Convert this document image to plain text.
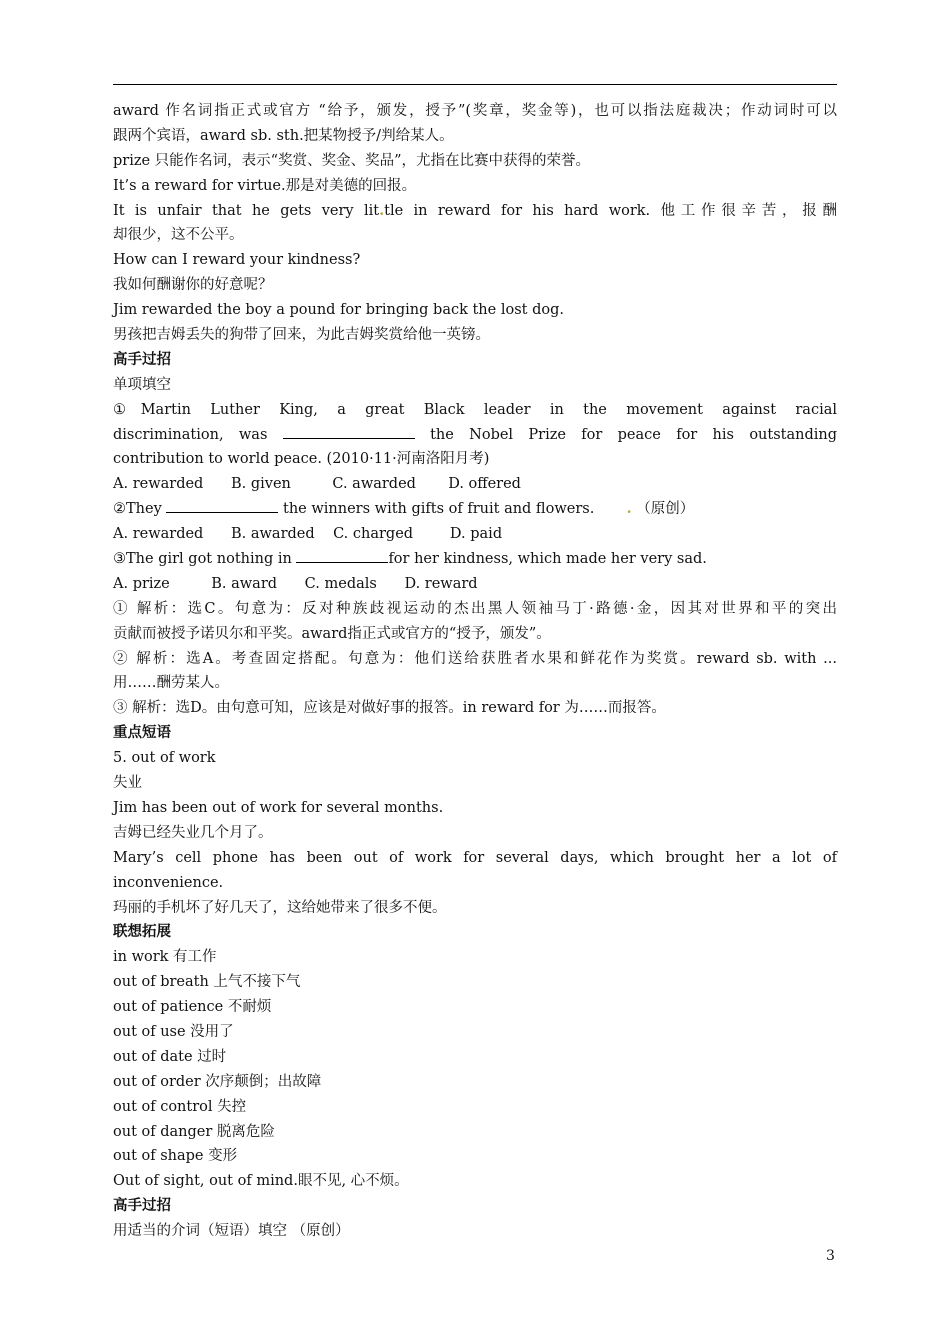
award 作名词指正式或官方 “给予，颁发，授予”(奖章，奖金等)，也可以指法庭裁决；作动词时可以
跟两个宾语，award sb. sth.把某物授予/判给某人。
prize 只能作名词，表示“奖赏、奖金、奖品”，尤指在比赛中获得的荣誉。
It’s a reward for virtue.那是对美德的回报。
It is unfair that he gets very lit.tle in reward for his hard work. 他工作很辛苦，报酬
却很少，这不公平。
How can I reward your kindness?
我如何酬谢你的好意呢？
Jim rewarded the boy a pound for bringing back the lost dog.
男孩把吉姆丢失的狗带了回来，为此吉姆奖赏给他一英镑。
高手过招
单项填空
①Martin Luther King, a great Black leader in the movement against racial
discrimination, was	the Nobel Prize for peace for his outstanding
contribution to world peace. (2010·11·河南洛阳月考)
A. rewarded      B. given         C. awarded       D. offered
②They	the winners with gifts of fruit and flowers.       . （原创）
A. rewarded      B. awarded    C. charged        D. paid
③The girl got nothing in	for her kindness, which made her very sad.
A. prize         B. award      C. medals      D. reward
① 解析：选C。句意为：反对种族歧视运动的杰出黑人领袖马丁·路德·金，因其对世界和平的突出
贡献而被授予诺贝尔和平奖。award指正式或官方的“授予，颁发”。
② 解析：选A。考查固定搭配。句意为：他们送给获胜者水果和鲜花作为奖赏。reward sb. with ...
用……酬劳某人。
③ 解析：选D。由句意可知，应该是对做好事的报答。in reward for 为……而报答。
重点短语
5. out of work
失业
Jim has been out of work for several months.
吉姆已经失业几个月了。
Mary’s cell phone has been out of work for several days, which brought her a lot of
inconvenience.
玛丽的手机坏了好几天了，这给她带来了很多不便。
联想拓展
in work 有工作
out of breath 上气不接下气
out of patience 不耐烦
out of use 没用了
out of date 过时
out of order 次序颠倒；出故障
out of control 失控
out of danger 脱离危险
out of shape 变形
Out of sight, out of mind.眼不见, 心不烦。
高手过招
用适当的介词（短语）填空 （原创）
3
